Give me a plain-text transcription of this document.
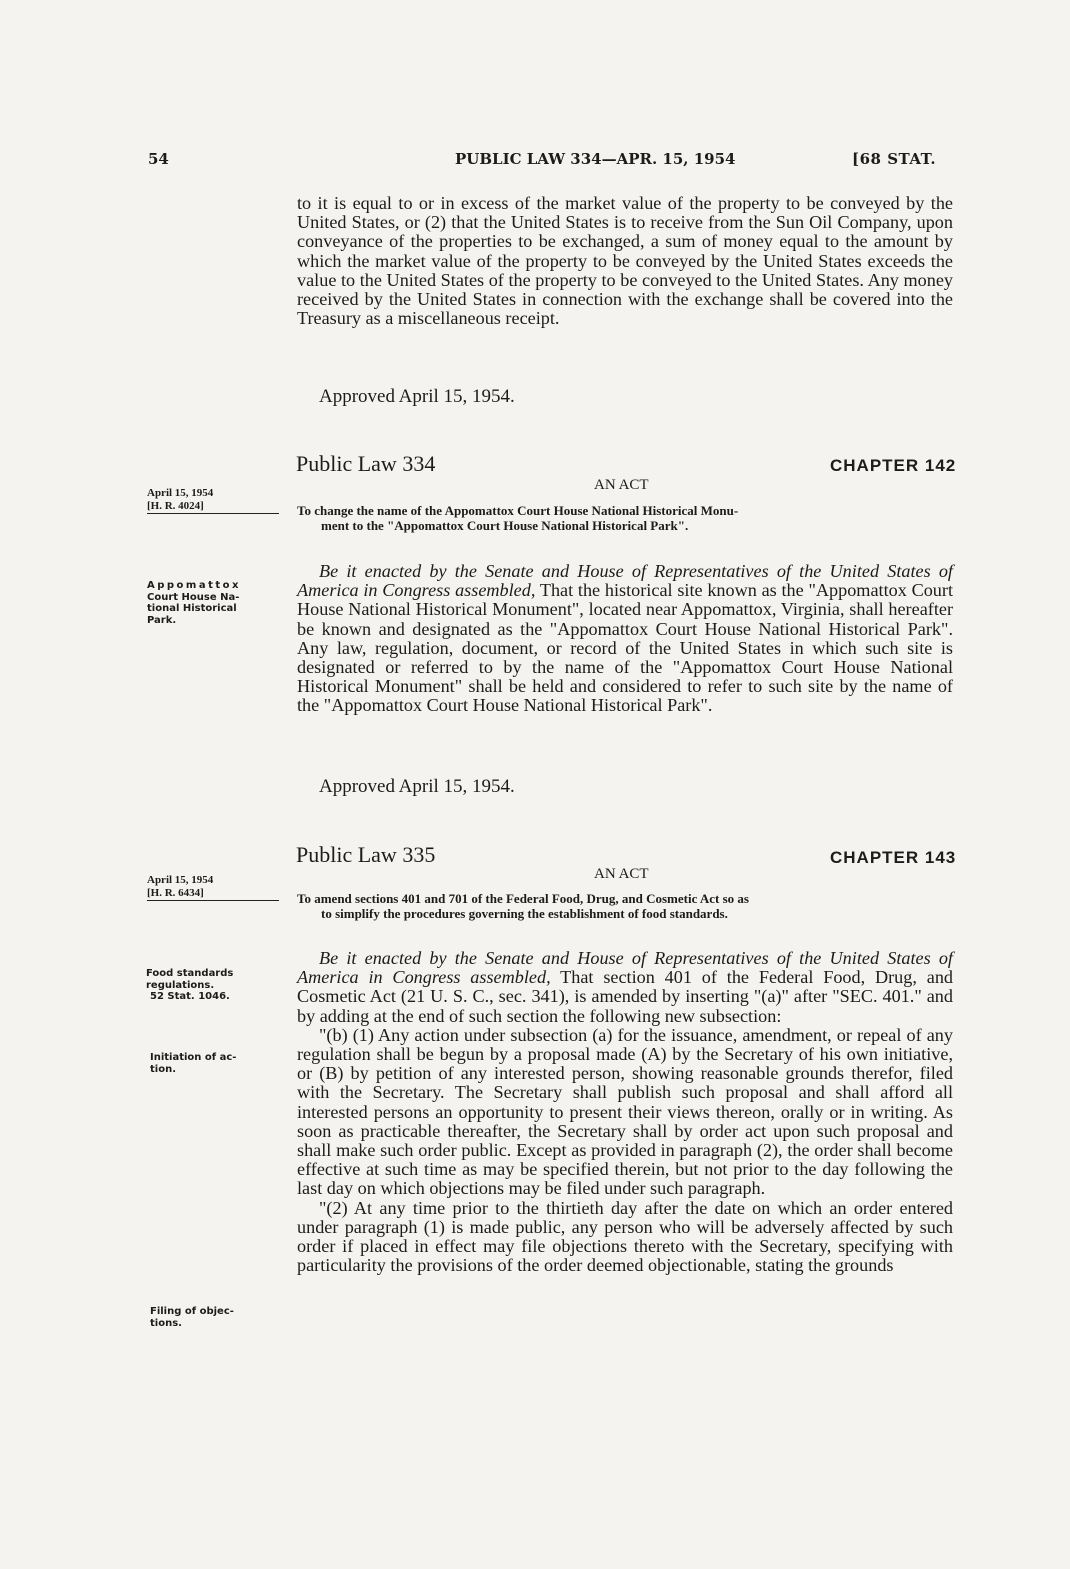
54	PUBLIC LAW 334—APR. 15, 1954	[68 STAT.

to it is equal to or in excess of the market value of the property to be conveyed by the United States, or (2) that the United States is to receive from the Sun Oil Company, upon conveyance of the properties to be exchanged, a sum of money equal to the amount by which the market value of the property to be conveyed by the United States exceeds the value to the United States of the property to be conveyed to the United States. Any money received by the United States in connection with the exchange shall be covered into the Treasury as a miscellaneous receipt.

Approved April 15, 1954.
Public Law 334	CHAPTER 142
AN ACT
April 15, 1954
[H. R. 4024]	To change the name of the Appomattox Court House National Historical Monu-
ment to the "Appomattox Court House National Historical Park".
Appomattox
Court House Na-
tional Historical
Park.

Be it enacted by the Senate and House of Representatives of the United States of America in Congress assembled, That the historical site known as the "Appomattox Court House National Historical Monument", located near Appomattox, Virginia, shall hereafter be known and designated as the "Appomattox Court House National Historical Park". Any law, regulation, document, or record of the United States in which such site is designated or referred to by the name of the "Appomattox Court House National Historical Monument" shall be held and considered to refer to such site by the name of the "Appomattox Court House National Historical Park".

Approved April 15, 1954.
Public Law 335	CHAPTER 143
AN ACT
April 15, 1954
[H. R. 6434]	To amend sections 401 and 701 of the Federal Food, Drug, and Cosmetic Act so as
to simplify the procedures governing the establishment of food standards.
Food standards
regulations.
52 Stat. 1046.
Initiation of ac-
tion.
Filing of objec-
tions.

Be it enacted by the Senate and House of Representatives of the United States of America in Congress assembled, That section 401 of the Federal Food, Drug, and Cosmetic Act (21 U. S. C., sec. 341), is amended by inserting "(a)" after "SEC. 401." and by adding at the end of such section the following new subsection:

"(b) (1) Any action under subsection (a) for the issuance, amendment, or repeal of any regulation shall be begun by a proposal made (A) by the Secretary of his own initiative, or (B) by petition of any interested person, showing reasonable grounds therefor, filed with the Secretary. The Secretary shall publish such proposal and shall afford all interested persons an opportunity to present their views thereon, orally or in writing. As soon as practicable thereafter, the Secretary shall by order act upon such proposal and shall make such order public. Except as provided in paragraph (2), the order shall become effective at such time as may be specified therein, but not prior to the day following the last day on which objections may be filed under such paragraph.

"(2) At any time prior to the thirtieth day after the date on which an order entered under paragraph (1) is made public, any person who will be adversely affected by such order if placed in effect may file objections thereto with the Secretary, specifying with particularity the provisions of the order deemed objectionable, stating the grounds
